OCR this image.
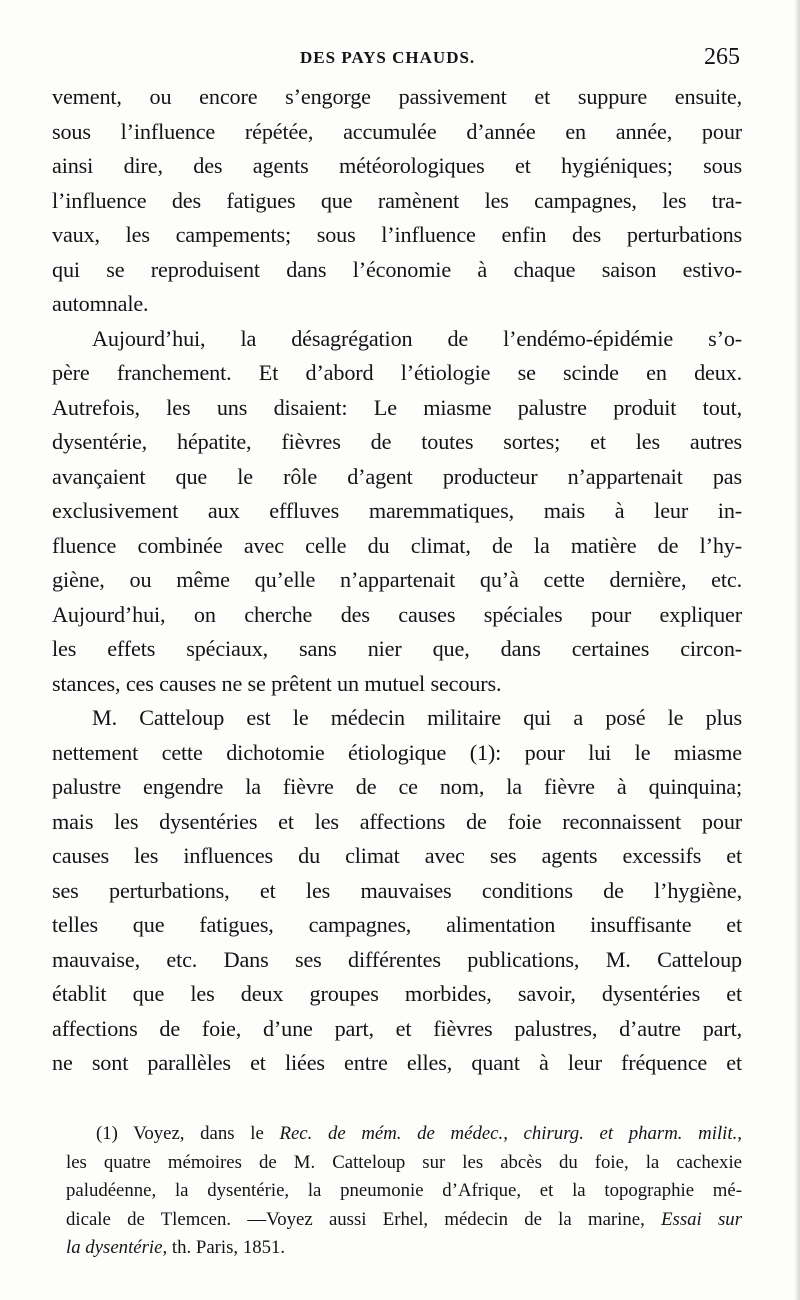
DES PAYS CHAUDS.	265
vement, ou encore s’engorge passivement et suppure ensuite,
sous l’influence répétée, accumulée d’année en année, pour
ainsi dire, des agents météorologiques et hygiéniques; sous
l’influence des fatigues que ramènent les campagnes, les tra-
vaux, les campements; sous l’influence enfin des perturbations
qui se reproduisent dans l’économie à chaque saison estivo-
automnale.
Aujourd’hui, la désagrégation de l’endémo-épidémie s’o-
père franchement. Et d’abord l’étiologie se scinde en deux.
Autrefois, les uns disaient: Le miasme palustre produit tout,
dysentérie, hépatite, fièvres de toutes sortes; et les autres
avançaient que le rôle d’agent producteur n’appartenait pas
exclusivement aux effluves maremmatiques, mais à leur in-
fluence combinée avec celle du climat, de la matière de l’hy-
giène, ou même qu’elle n’appartenait qu’à cette dernière, etc.
Aujourd’hui, on cherche des causes spéciales pour expliquer
les effets spéciaux, sans nier que, dans certaines circon-
stances, ces causes ne se prêtent un mutuel secours.
M. Catteloup est le médecin militaire qui a posé le plus
nettement cette dichotomie étiologique (1): pour lui le miasme
palustre engendre la fièvre de ce nom, la fièvre à quinquina;
mais les dysentéries et les affections de foie reconnaissent pour
causes les influences du climat avec ses agents excessifs et
ses perturbations, et les mauvaises conditions de l’hygiène,
telles que fatigues, campagnes, alimentation insuffisante et
mauvaise, etc. Dans ses différentes publications, M. Catteloup
établit que les deux groupes morbides, savoir, dysentéries et
affections de foie, d’une part, et fièvres palustres, d’autre part,
ne sont parallèles et liées entre elles, quant à leur fréquence et
(1) Voyez, dans le Rec. de mém. de médec., chirurg. et pharm. milit.,
les quatre mémoires de M. Catteloup sur les abcès du foie, la cachexie
paludéenne, la dysentérie, la pneumonie d’Afrique, et la topographie mé-
dicale de Tlemcen. —Voyez aussi Erhel, médecin de la marine, Essai sur
la dysentérie, th. Paris, 1851.
